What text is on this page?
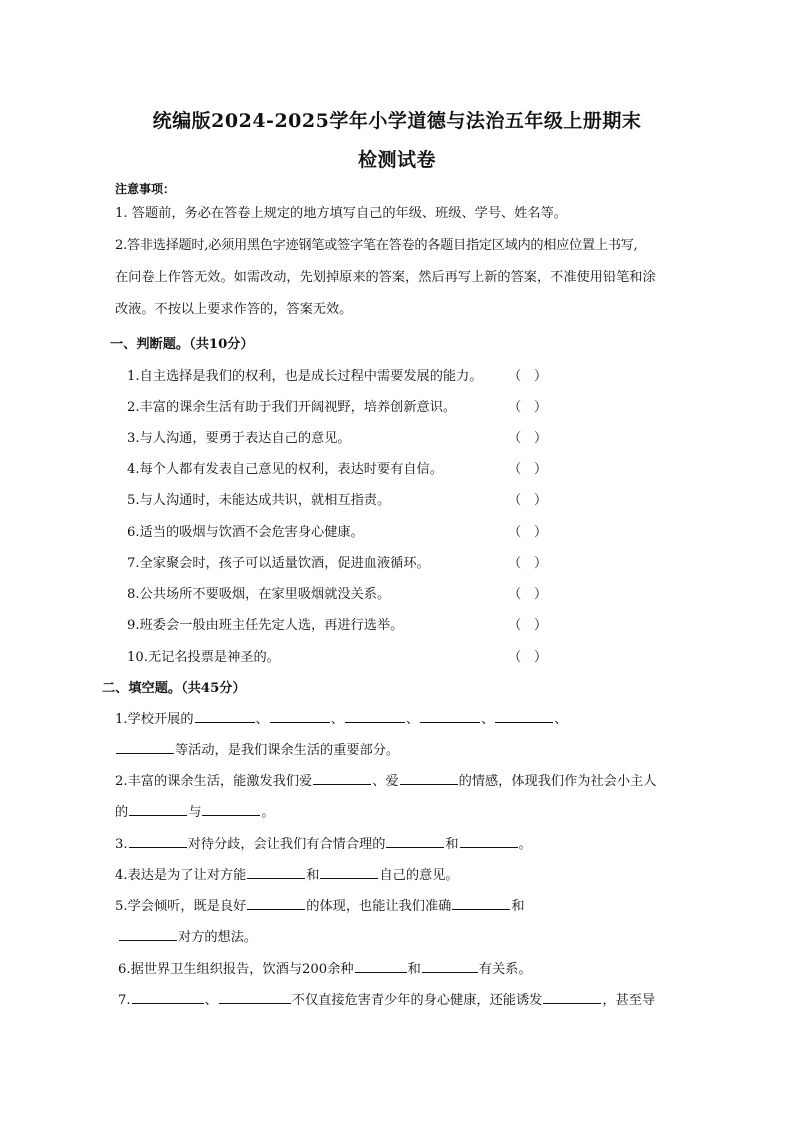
统编版2024-2025学年小学道德与法治五年级上册期末
检测试卷
注意事项：
1. 答题前，务必在答卷上规定的地方填写自己的年级、班级、学号、姓名等。
2.答非选择题时,必须用黑色字迹钢笔或签字笔在答卷的各题目指定区域内的相应位置上书写,
在问卷上作答无效。如需改动，先划掉原来的答案，然后再写上新的答案，不准使用铅笔和涂
改液。不按以上要求作答的，答案无效。
一、判断题。（共10分）
1.自主选择是我们的权利，也是成长过程中需要发展的能力。 （ ）
2.丰富的课余生活有助于我们开阔视野，培养创新意识。	（ ）
3.与人沟通，要勇于表达自己的意见。	（ ）
4.每个人都有发表自己意见的权利，表达时要有自信。	（ ）
5.与人沟通时，未能达成共识，就相互指责。	（ ）
6.适当的吸烟与饮酒不会危害身心健康。	（ ）
7.全家聚会时，孩子可以适量饮酒，促进血液循环。	（ ）
8.公共场所不要吸烟，在家里吸烟就没关系。	（ ）
9.班委会一般由班主任先定人选，再进行选举。	（ ）
10.无记名投票是神圣的。	（ ）
二、填空题。（共45分）
1.学校开展的	、	、	、	、	、
等活动，是我们课余生活的重要部分。
2.丰富的课余生活，能激发我们爱	、爱	的情感，体现我们作为社会小主人
的	与	。
3.	对待分歧，会让我们有合情合理的	和	。
4.表达是为了让对方能	和	自己的意见。
5.学会倾听，既是良好	的体现，也能让我们准确	和
对方的想法。
6.据世界卫生组织报告，饮酒与200余种	和	有关系。
7.	、	不仅直接危害青少年的身心健康，还能诱发	，甚至导
